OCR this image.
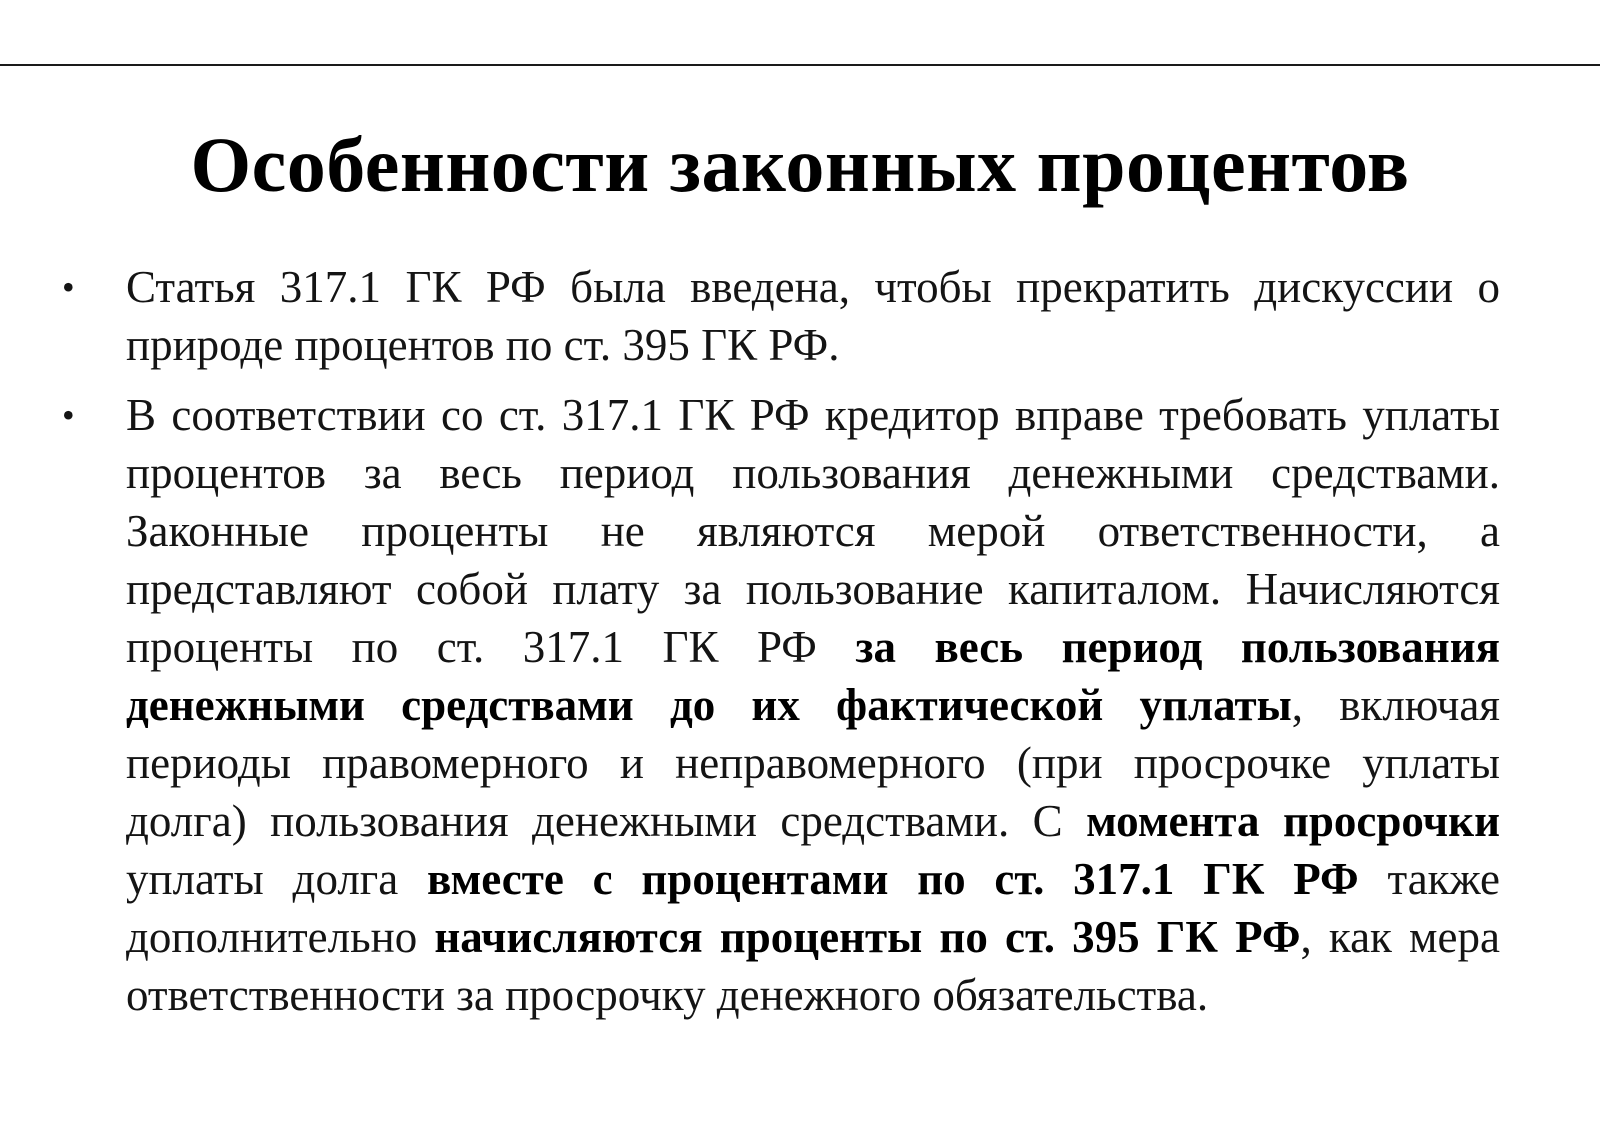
Особенности законных процентов
• Статья 317.1 ГК РФ была введена, чтобы прекратить дискуссии о природе процентов по ст. 395 ГК РФ.
• В соответствии со ст. 317.1 ГК РФ кредитор вправе требовать уплаты процентов за весь период пользования денежными средствами. Законные проценты не являются мерой ответственности, а представляют собой плату за пользование капиталом. Начисляются проценты по ст. 317.1 ГК РФ за весь период пользования денежными средствами до их фактической уплаты, включая периоды правомерного и неправомерного (при просрочке уплаты долга) пользования денежными средствами. С момента просрочки уплаты долга вместе с процентами по ст. 317.1 ГК РФ также дополнительно начисляются проценты по ст. 395 ГК РФ, как мера ответственности за просрочку денежного обязательства.
